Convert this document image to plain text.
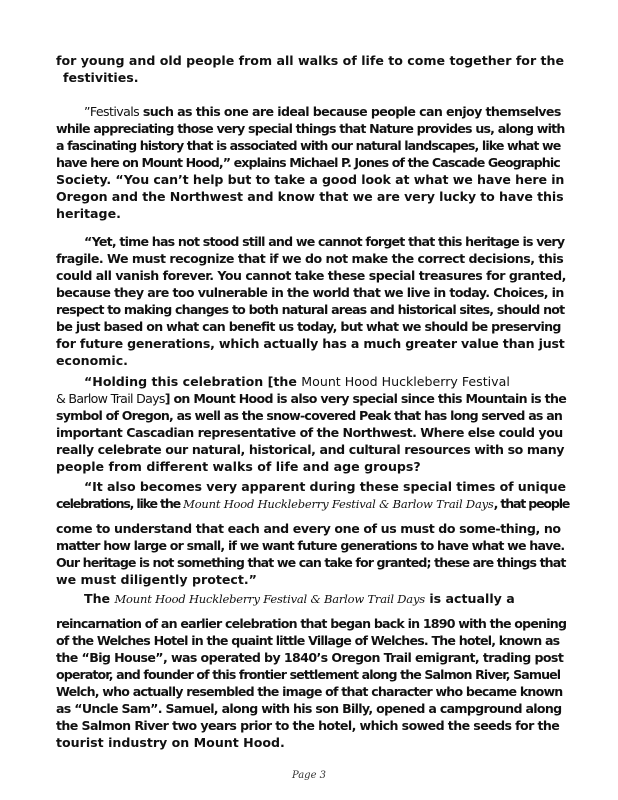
for young and old people from all walks of life to come together for the
festivities.
”Festivals such as this one are ideal because people can enjoy themselves
while appreciating those very special things that Nature provides us, along with
a fascinating history that is associated with our natural landscapes, like what we
have here on Mount Hood,” explains Michael P. Jones of the Cascade Geographic
Society. “You can’t help but to take a good look at what we have here in
Oregon and the Northwest and know that we are very lucky to have this
heritage.
“Yet, time has not stood still and we cannot forget that this heritage is very
fragile. We must recognize that if we do not make the correct decisions, this
could all vanish forever. You cannot take these special treasures for granted,
because they are too vulnerable in the world that we live in today. Choices, in
respect to making changes to both natural areas and historical sites, should not
be just based on what can benefit us today, but what we should be preserving
for future generations, which actually has a much greater value than just
economic.
“Holding this celebration [the Mount Hood Huckleberry Festival
& Barlow Trail Days] on Mount Hood is also very special since this Mountain is the
symbol of Oregon, as well as the snow-covered Peak that has long served as an
important Cascadian representative of the Northwest. Where else could you
really celebrate our natural, historical, and cultural resources with so many
people from different walks of life and age groups?
“It also becomes very apparent during these special times of unique
celebrations, like the Mount Hood Huckleberry Festival & Barlow Trail Days, that people
come to understand that each and every one of us must do some-thing, no
matter how large or small, if we want future generations to have what we have.
Our heritage is not something that we can take for granted; these are things that
we must diligently protect.”
The Mount Hood Huckleberry Festival & Barlow Trail Days is actually a
reincarnation of an earlier celebration that began back in 1890 with the opening
of the Welches Hotel in the quaint little Village of Welches. The hotel, known as
the “Big House”, was operated by 1840’s Oregon Trail emigrant, trading post
operator, and founder of this frontier settlement along the Salmon River, Samuel
Welch, who actually resembled the image of that character who became known
as “Uncle Sam”. Samuel, along with his son Billy, opened a campground along
the Salmon River two years prior to the hotel, which sowed the seeds for the
tourist industry on Mount Hood.
Page 3
